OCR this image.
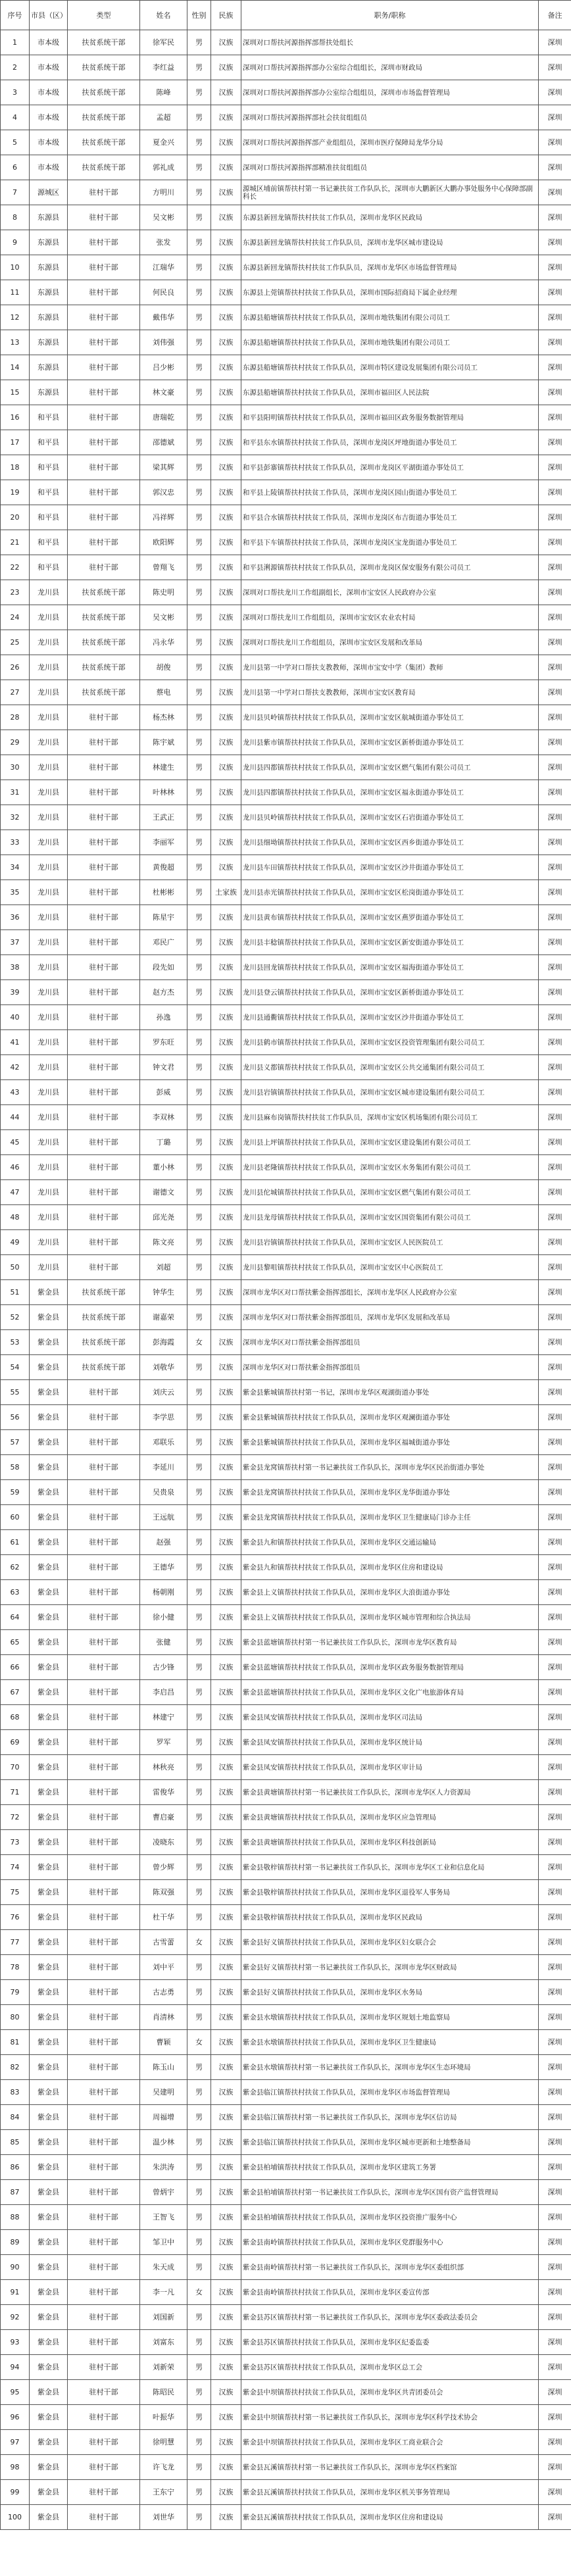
序号	市县（区）	类型	姓名	性别	民族	职务/职称	备注
1	市本级	扶贫系统干部	徐军民	男	汉族	深圳对口帮扶河源指挥部帮扶处组长	深圳
2	市本级	扶贫系统干部	李红益	男	汉族	深圳对口帮扶河源指挥部办公室综合组组长，深圳市财政局	深圳
3	市本级	扶贫系统干部	陈峰	男	汉族	深圳对口帮扶河源指挥部办公室综合组组员，深圳市市场监督管理局	深圳
4	市本级	扶贫系统干部	孟超	男	汉族	深圳对口帮扶河源指挥部社会扶贫组组员	深圳
5	市本级	扶贫系统干部	夏金兴	男	汉族	深圳对口帮扶河源指挥部产业组组员，深圳市医疗保障局龙华分局	深圳
6	市本级	扶贫系统干部	郭礼成	男	汉族	深圳对口帮扶河源指挥部精准扶贫组组员	深圳
7	源城区	驻村干部	方明川	男	汉族	源城区埔前镇帮扶村第一书记兼扶贫工作队队长，深圳市大鹏新区大鹏办事处服务中心保障部副科长	深圳
8	东源县	驻村干部	吴文彬	男	汉族	东源县新回龙镇帮扶村扶贫工作队员，深圳市龙华区民政局	深圳
9	东源县	驻村干部	张发	男	汉族	东源县新回龙镇帮扶村扶贫工作队队员，深圳市龙华区城市建设局	深圳
10	东源县	驻村干部	江瑞华	男	汉族	东源县新回龙镇帮扶村扶贫工作队队员，深圳市龙华区市场监督管理局	深圳
11	东源县	驻村干部	何民良	男	汉族	东源县上莞镇帮扶村扶贫工作队队员，深圳市国际招商局下属企业经理	深圳
12	东源县	驻村干部	戴伟华	男	汉族	东源县船塘镇帮扶村扶贫工作队队员，深圳市地铁集团有限公司员工	深圳
13	东源县	驻村干部	刘伟强	男	汉族	东源县船塘镇帮扶村扶贫工作队队员，深圳市地铁集团有限公司员工	深圳
14	东源县	驻村干部	吕少彬	男	汉族	东源县船塘镇帮扶村扶贫工作队队员，深圳市特区建设发展集团有限公司员工	深圳
15	东源县	驻村干部	林文豪	男	汉族	东源县船塘镇帮扶村扶贫工作队队员，深圳市福田区人民法院	深圳
16	和平县	驻村干部	唐瑞乾	男	汉族	和平县阳明镇帮扶村扶贫工作队队员，深圳市福田区政务服务数据管理局	深圳
17	和平县	驻村干部	邵德斌	男	汉族	和平县东水镇帮扶村扶贫工作队员，深圳市龙岗区坪地街道办事处员工	深圳
18	和平县	驻村干部	梁其辉	男	汉族	和平县彭寨镇帮扶村扶贫工作队队员，深圳市龙岗区平湖街道办事处员工	深圳
19	和平县	驻村干部	郭汉忠	男	汉族	和平县上陵镇帮扶村扶贫工作队员，深圳市龙岗区园山街道办事处员工	深圳
20	和平县	驻村干部	冯祥辉	男	汉族	和平县合水镇帮扶村扶贫工作队员，深圳市龙岗区布吉街道办事处员工	深圳
21	和平县	驻村干部	欧阳辉	男	汉族	和平县下车镇帮扶村扶贫工作队员，深圳市龙岗区宝龙街道办事处员工	深圳
22	和平县	驻村干部	曾翔飞	男	汉族	和平县浰源镇帮扶村扶贫工作队队员，深圳市龙岗区保安服务有限公司员工	深圳
23	龙川县	扶贫系统干部	陈史明	男	汉族	深圳对口帮扶龙川工作组副组长，深圳市宝安区人民政府办公室	深圳
24	龙川县	扶贫系统干部	吴文彬	男	汉族	深圳对口帮扶龙川工作组组员，深圳市宝安区农业农村局	深圳
25	龙川县	扶贫系统干部	冯永华	男	汉族	深圳对口帮扶龙川工作组组员，深圳市宝安区发展和改革局	深圳
26	龙川县	扶贫系统干部	胡俊	男	汉族	龙川县第一中学对口帮扶支教教师，深圳市宝安中学（集团）教师	深圳
27	龙川县	扶贫系统干部	蔡电	男	汉族	龙川县第一中学对口帮扶支教教师，深圳市宝安区教育局	深圳
28	龙川县	驻村干部	杨杰林	男	汉族	龙川县贝岭镇帮扶村扶贫工作队队员，深圳市宝安区航城街道办事处员工	深圳
29	龙川县	驻村干部	陈宇斌	男	汉族	龙川县紫市镇帮扶村扶贫工作队队员，深圳市宝安区新桥街道办事处员工	深圳
30	龙川县	驻村干部	林建生	男	汉族	龙川县四都镇帮扶村扶贫工作队队员，深圳市宝安区燃气集团有限公司员工	深圳
31	龙川县	驻村干部	叶林林	男	汉族	龙川县四都镇帮扶村扶贫工作队队员，深圳市宝安区福永街道办事处员工	深圳
32	龙川县	驻村干部	王武正	男	汉族	龙川县贝岭镇帮扶村扶贫工作队队员，深圳市宝安区石岩街道办事处员工	深圳
33	龙川县	驻村干部	李丽军	男	汉族	龙川县细坳镇帮扶村扶贫工作队队员，深圳市宝安区西乡街道办事处员工	深圳
34	龙川县	驻村干部	黄俊超	男	汉族	龙川县车田镇帮扶村扶贫工作队队员，深圳市宝安区沙井街道办事处员工	深圳
35	龙川县	驻村干部	杜彬彬	男	土家族	龙川县赤光镇帮扶村扶贫工作队队员，深圳市宝安区松岗街道办事处员工	深圳
36	龙川县	驻村干部	陈星宇	男	汉族	龙川县黄布镇帮扶村扶贫工作队队员，深圳市宝安区燕罗街道办事处员工	深圳
37	龙川县	驻村干部	邓民广	男	汉族	龙川县丰稔镇帮扶村扶贫工作队队员，深圳市宝安区新安街道办事处员工	深圳
38	龙川县	驻村干部	段先如	男	汉族	龙川县回龙镇帮扶村扶贫工作队队员，深圳市宝安区福海街道办事处员工	深圳
39	龙川县	驻村干部	赵方杰	男	汉族	龙川县登云镇帮扶村扶贫工作队队员，深圳市宝安区新桥街道办事处员工	深圳
40	龙川县	驻村干部	孙逸	男	汉族	龙川县通衢镇帮扶村扶贫工作队队员，深圳市宝安区沙井街道办事处员工	深圳
41	龙川县	驻村干部	罗东旺	男	汉族	龙川县鹤市镇帮扶村扶贫工作队队员，深圳市宝安区投资管理集团有限公司员工	深圳
42	龙川县	驻村干部	钟文君	男	汉族	龙川县义都镇帮扶村扶贫工作队队员，深圳市宝安区公共交通集团有限公司员工	深圳
43	龙川县	驻村干部	彭威	男	汉族	龙川县岩镇镇帮扶村扶贫工作队队员，深圳市宝安区城市建设集团有限公司员工	深圳
44	龙川县	驻村干部	李双林	男	汉族	龙川县麻布岗镇帮扶村扶贫工作队队员，深圳市宝安区机场集团有限公司员工	深圳
45	龙川县	驻村干部	丁璐	男	汉族	龙川县上坪镇帮扶村扶贫工作队队员，深圳市宝安区建设集团有限公司员工	深圳
46	龙川县	驻村干部	董小林	男	汉族	龙川县老隆镇帮扶村扶贫工作队队员，深圳市宝安区水务集团有限公司员工	深圳
47	龙川县	驻村干部	谢德文	男	汉族	龙川县佗城镇帮扶村扶贫工作队队员，深圳市宝安区燃气集团有限公司员工	深圳
48	龙川县	驻村干部	邱光尧	男	汉族	龙川县龙母镇帮扶村扶贫工作队队员，深圳市宝安区国资集团有限公司员工	深圳
49	龙川县	驻村干部	陈文亮	男	汉族	龙川县岩镇镇帮扶村扶贫工作队队员，深圳市宝安区人民医院员工	深圳
50	龙川县	驻村干部	刘超	男	汉族	龙川县黎咀镇帮扶村扶贫工作队队员，深圳市宝安区中心医院员工	深圳
51	紫金县	扶贫系统干部	钟华生	男	汉族	深圳市龙华区对口帮扶紫金指挥部组长，深圳市龙华区人民政府办公室	深圳
52	紫金县	扶贫系统干部	谢嘉荣	男	汉族	深圳市龙华区对口帮扶紫金指挥部组员，深圳市龙华区发展和改革局	深圳
53	紫金县	扶贫系统干部	彭海霞	女	汉族	深圳市龙华区对口帮扶紫金指挥部组员	深圳
54	紫金县	扶贫系统干部	刘敬华	男	汉族	深圳市龙华区对口帮扶紫金指挥部组员	深圳
55	紫金县	驻村干部	刘庆云	男	汉族	紫金县紫城镇帮扶村第一书记，深圳市龙华区观湖街道办事处	深圳
56	紫金县	驻村干部	李学思	男	汉族	紫金县紫城镇帮扶村扶贫工作队队员，深圳市龙华区观澜街道办事处	深圳
57	紫金县	驻村干部	邓联乐	男	汉族	紫金县紫城镇帮扶村扶贫工作队队员，深圳市龙华区福城街道办事处	深圳
58	紫金县	驻村干部	李延川	男	汉族	紫金县龙窝镇帮扶村第一书记兼扶贫工作队队长，深圳市龙华区民治街道办事处	深圳
59	紫金县	驻村干部	吴贵泉	男	汉族	紫金县龙窝镇帮扶村扶贫工作队队员，深圳市龙华区龙华街道办事处	深圳
60	紫金县	驻村干部	王远航	男	汉族	紫金县龙窝镇帮扶村扶贫工作队队员，深圳市龙华区卫生健康局门诊办主任	深圳
61	紫金县	驻村干部	赵强	男	汉族	紫金县九和镇帮扶村扶贫工作队队员，深圳市龙华区交通运输局	深圳
62	紫金县	驻村干部	王德华	男	汉族	紫金县九和镇帮扶村扶贫工作队队员，深圳市龙华区住房和建设局	深圳
63	紫金县	驻村干部	杨朝刚	男	汉族	紫金县上义镇帮扶村扶贫工作队队员，深圳市龙华区大浪街道办事处	深圳
64	紫金县	驻村干部	徐小健	男	汉族	紫金县上义镇帮扶村扶贫工作队队员，深圳市龙华区城市管理和综合执法局	深圳
65	紫金县	驻村干部	张健	男	汉族	紫金县蓝塘镇帮扶村第一书记兼扶贫工作队队长，深圳市龙华区教育局	深圳
66	紫金县	驻村干部	古少锋	男	汉族	紫金县蓝塘镇帮扶村扶贫工作队队员，深圳市龙华区政务服务数据管理局	深圳
67	紫金县	驻村干部	李启昌	男	汉族	紫金县蓝塘镇帮扶村扶贫工作队队员，深圳市龙华区文化广电旅游体育局	深圳
68	紫金县	驻村干部	林建宁	男	汉族	紫金县凤安镇帮扶村扶贫工作队队员，深圳市龙华区司法局	深圳
69	紫金县	驻村干部	罗军	男	汉族	紫金县凤安镇帮扶村扶贫工作队队员，深圳市龙华区统计局	深圳
70	紫金县	驻村干部	林秋亮	男	汉族	紫金县凤安镇帮扶村扶贫工作队队员，深圳市龙华区审计局	深圳
71	紫金县	驻村干部	雷俊华	男	汉族	紫金县黄塘镇帮扶村第一书记兼扶贫工作队队长，深圳市龙华区人力资源局	深圳
72	紫金县	驻村干部	曹启豪	男	汉族	紫金县黄塘镇帮扶村扶贫工作队队员，深圳市龙华区应急管理局	深圳
73	紫金县	驻村干部	凌晓东	男	汉族	紫金县黄塘镇帮扶村扶贫工作队队员，深圳市龙华区科技创新局	深圳
74	紫金县	驻村干部	曾少辉	男	汉族	紫金县敬梓镇帮扶村第一书记兼扶贫工作队队长，深圳市龙华区工业和信息化局	深圳
75	紫金县	驻村干部	陈双强	男	汉族	紫金县敬梓镇帮扶村扶贫工作队队员，深圳市龙华区退役军人事务局	深圳
76	紫金县	驻村干部	杜干华	男	汉族	紫金县敬梓镇帮扶村扶贫工作队队员，深圳市龙华区民政局	深圳
77	紫金县	驻村干部	古雪蕾	女	汉族	紫金县好义镇帮扶村扶贫工作队队员，深圳市龙华区妇女联合会	深圳
78	紫金县	驻村干部	刘中平	男	汉族	紫金县好义镇帮扶村第一书记兼扶贫工作队队长，深圳市龙华区财政局	深圳
79	紫金县	驻村干部	古志勇	男	汉族	紫金县好义镇帮扶村扶贫工作队队员，深圳市龙华区水务局	深圳
80	紫金县	驻村干部	肖清林	男	汉族	紫金县水墩镇帮扶村扶贫工作队队员，深圳市龙华区规划土地监察局	深圳
81	紫金县	驻村干部	曹颖	女	汉族	紫金县水墩镇帮扶村扶贫工作队队员，深圳市龙华区卫生健康局	深圳
82	紫金县	驻村干部	陈玉山	男	汉族	紫金县水墩镇帮扶村第一书记兼扶贫工作队队长，深圳市龙华区生态环境局	深圳
83	紫金县	驻村干部	吴建明	男	汉族	紫金县临江镇帮扶村扶贫工作队队员，深圳市龙华区市场监督管理局	深圳
84	紫金县	驻村干部	周福增	男	汉族	紫金县临江镇帮扶村第一书记兼扶贫工作队队长，深圳市龙华区信访局	深圳
85	紫金县	驻村干部	温少林	男	汉族	紫金县临江镇帮扶村扶贫工作队队员，深圳市龙华区城市更新和土地整备局	深圳
86	紫金县	驻村干部	朱洪涛	男	汉族	紫金县柏埔镇帮扶村扶贫工作队队员，深圳市龙华区建筑工务署	深圳
87	紫金县	驻村干部	曾炳宇	男	汉族	紫金县柏埔镇帮扶村第一书记兼扶贫工作队队长，深圳市龙华区国有资产监督管理局	深圳
88	紫金县	驻村干部	王智飞	男	汉族	紫金县柏埔镇帮扶村扶贫工作队队员，深圳市龙华区投资推广服务中心	深圳
89	紫金县	驻村干部	邹卫中	男	汉族	紫金县南岭镇帮扶村扶贫工作队队员，深圳市龙华区党群服务中心	深圳
90	紫金县	驻村干部	朱天成	男	汉族	紫金县南岭镇帮扶村第一书记兼扶贫工作队队长，深圳市龙华区委组织部	深圳
91	紫金县	驻村干部	李一凡	女	汉族	紫金县南岭镇帮扶村扶贫工作队队员，深圳市龙华区委宣传部	深圳
92	紫金县	驻村干部	刘国新	男	汉族	紫金县苏区镇帮扶村第一书记兼扶贫工作队队长，深圳市龙华区委政法委员会	深圳
93	紫金县	驻村干部	刘富东	男	汉族	紫金县苏区镇帮扶村扶贫工作队队员，深圳市龙华区纪委监委	深圳
94	紫金县	驻村干部	刘新荣	男	汉族	紫金县苏区镇帮扶村扶贫工作队队员，深圳市龙华区总工会	深圳
95	紫金县	驻村干部	陈昭民	男	汉族	紫金县中坝镇帮扶村扶贫工作队队员，深圳市龙华区共青团委员会	深圳
96	紫金县	驻村干部	叶振华	男	汉族	紫金县中坝镇帮扶村第一书记兼扶贫工作队队长，深圳市龙华区科学技术协会	深圳
97	紫金县	驻村干部	徐明慧	男	汉族	紫金县中坝镇帮扶村扶贫工作队队员，深圳市龙华区工商业联合会	深圳
98	紫金县	驻村干部	许飞龙	男	汉族	紫金县瓦溪镇帮扶村第一书记兼扶贫工作队队长，深圳市龙华区档案馆	深圳
99	紫金县	驻村干部	王东宁	男	汉族	紫金县瓦溪镇帮扶村扶贫工作队队员，深圳市龙华区机关事务管理局	深圳
100	紫金县	驻村干部	刘世华	男	汉族	紫金县瓦溪镇帮扶村扶贫工作队队员，深圳市龙华区住房和建设局	深圳
